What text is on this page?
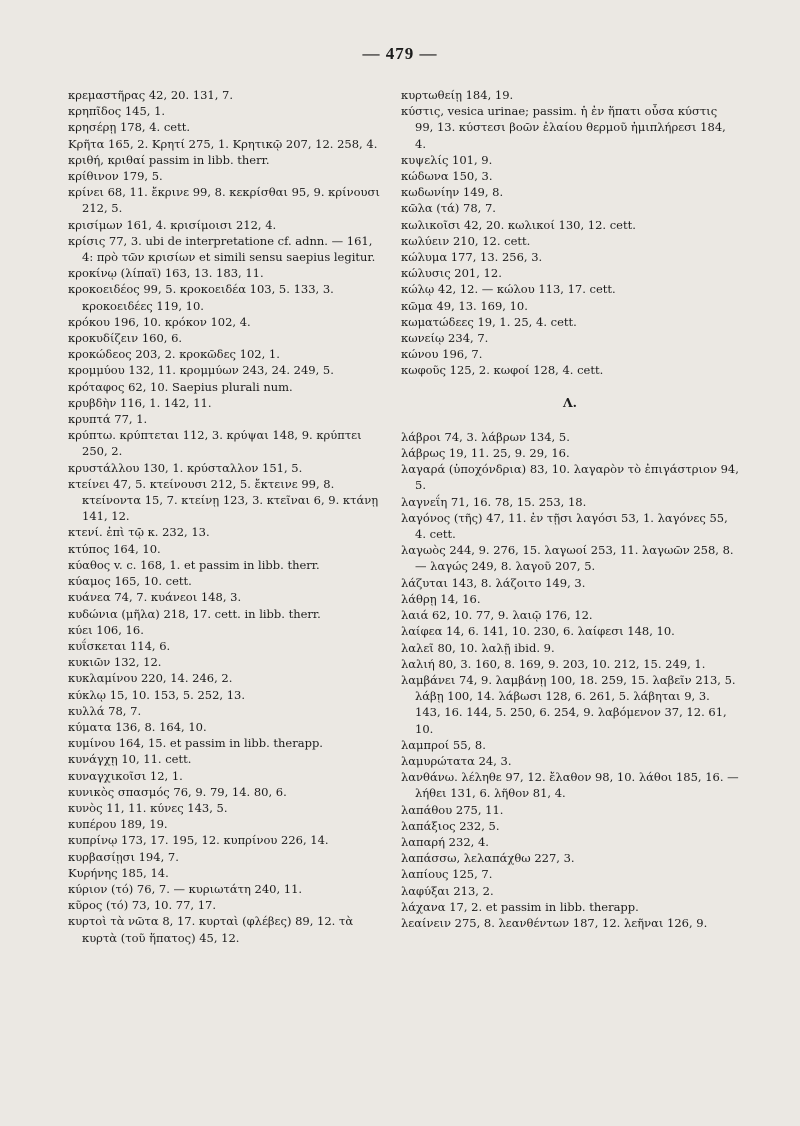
— 479 —
κρεμαστῆρας 42, 20. 131, 7.
κρηπῖδος 145, 1.
κρησέρῃ 178, 4. cett.
Κρῆτα 165, 2. Κρητί 275, 1. Κρητικῷ 207, 12. 258, 4.
κριθή, κριθαί passim in libb. therr.
κρίθινον 179, 5.
κρίνει 68, 11. ἔκρινε 99, 8. κεκρίσθαι 95, 9. κρίνουσι 212, 5.
κρισίμων 161, 4. κρισίμοισι 212, 4.
κρίσις 77, 3. ubi de interpretatione cf. adnn. — 161, 4: πρὸ τῶν κρισίων et simili sensu saepius legitur.
κροκίνῳ (λίπαϊ) 163, 13. 183, 11.
κροκοειδέος 99, 5. κροκοειδέα 103, 5. 133, 3. κροκοειδέες 119, 10.
κρόκου 196, 10. κρόκον 102, 4.
κροκυδίζειν 160, 6.
κροκώδεος 203, 2. κροκῶδες 102, 1.
κρομμύου 132, 11. κρομμύων 243, 24. 249, 5.
κρόταφος 62, 10. Saepius plurali num.
κρυβδὴν 116, 1. 142, 11.
κρυπτά 77, 1.
κρύπτω. κρύπτεται 112, 3. κρύψαι 148, 9. κρύπτει 250, 2.
κρυστάλλου 130, 1. κρύσταλλον 151, 5.
κτείνει 47, 5. κτείνουσι 212, 5. ἔκτεινε 99, 8. κτείνοντα 15, 7. κτείνῃ 123, 3. κτεῖναι 6, 9. κτάνῃ 141, 12.
κτενί. ἐπὶ τῷ κ. 232, 13.
κτύπος 164, 10.
κύαθος v. c. 168, 1. et passim in libb. therr.
κύαμος 165, 10. cett.
κυάνεα 74, 7. κυάνεοι 148, 3.
κυδώνια (μῆλα) 218, 17. cett. in libb. therr.
κύει 106, 16.
κυΐσκεται 114, 6.
κυκιῶν 132, 12.
κυκλαμίνου 220, 14. 246, 2.
κύκλῳ 15, 10. 153, 5. 252, 13.
κυλλά 78, 7.
κύματα 136, 8. 164, 10.
κυμίνου 164, 15. et passim in libb. therapp.
κυνάγχῃ 10, 11. cett.
κυναγχικοῖσι 12, 1.
κυνικὸς σπασμός 76, 9. 79, 14. 80, 6.
κυνὸς 11, 11. κύνες 143, 5.
κυπέρου 189, 19.
κυπρίνῳ 173, 17. 195, 12. κυπρίνου 226, 14.
κυρβασίῃσι 194, 7.
Κυρήνης 185, 14.
κύριον (τό) 76, 7. — κυριωτάτη 240, 11.
κῦρος (τό) 73, 10. 77, 17.
κυρτοὶ τὰ νῶτα 8, 17. κυρταὶ (φλέβες) 89, 12. τὰ κυρτὰ (τοῦ ἥπατος) 45, 12.
κυρτωθείῃ 184, 19.
κύστις, vesica urinae; passim. ἡ ἐν ἥπατι οὖσα κύστις 99, 13. κύστεσι βοῶν ἐλαίου θερμοῦ ἠμιπλήρεσι 184, 4.
κυψελίς 101, 9.
κώδωνα 150, 3.
κωδωνίην 149, 8.
κῶλα (τά) 78, 7.
κωλικοῖσι 42, 20. κωλικοί 130, 12. cett.
κωλύειν 210, 12. cett.
κώλυμα 177, 13. 256, 3.
κώλυσις 201, 12.
κώλῳ 42, 12. — κώλου 113, 17. cett.
κῶμα 49, 13. 169, 10.
κωματώδεες 19, 1. 25, 4. cett.
κωνείῳ 234, 7.
κώνου 196, 7.
κωφοῦς 125, 2. κωφοί 128, 4. cett.
Λ.
λάβροι 74, 3. λάβρων 134, 5.
λάβρως 19, 11. 25, 9. 29, 16.
λαγαρά (ὑποχόνδρια) 83, 10. λαγαρὸν τὸ ἐπιγάστριον 94, 5.
λαγνεΐη 71, 16. 78, 15. 253, 18.
λαγόνος (τῆς) 47, 11. ἐν τῇσι λαγόσι 53, 1. λαγόνες 55, 4. cett.
λαγωὸς 244, 9. 276, 15. λαγωοί 253, 11. λαγωῶν 258, 8. — λαγώς 249, 8. λαγοῦ 207, 5.
λάζυται 143, 8. λάζοιτο 149, 3.
λάθρῃ 14, 16.
λαιά 62, 10. 77, 9. λαιῷ 176, 12.
λαίφεα 14, 6. 141, 10. 230, 6. λαίφεσι 148, 10.
λαλεῖ 80, 10. λαλῇ ibid. 9.
λαλιή 80, 3. 160, 8. 169, 9. 203, 10. 212, 15. 249, 1.
λαμβάνει 74, 9. λαμβάνῃ 100, 18. 259, 15. λαβεῖν 213, 5. λάβῃ 100, 14. λάβωσι 128, 6. 261, 5. λάβηται 9, 3. 143, 16. 144, 5. 250, 6. 254, 9. λαβόμενον 37, 12. 61, 10.
λαμπροί 55, 8.
λαμυρώτατα 24, 3.
λανθάνω. λέληθε 97, 12. ἔλαθον 98, 10. λάθοι 185, 16. — λήθει 131, 6. λῆθον 81, 4.
λαπάθου 275, 11.
λαπάξιος 232, 5.
λαπαρή 232, 4.
λαπάσσω, λελαπάχθω 227, 3.
λαπίους 125, 7.
λαφύξαι 213, 2.
λάχανα 17, 2. et passim in libb. therapp.
λεαίνειν 275, 8. λεανθέντων 187, 12. λεῆναι 126, 9.
